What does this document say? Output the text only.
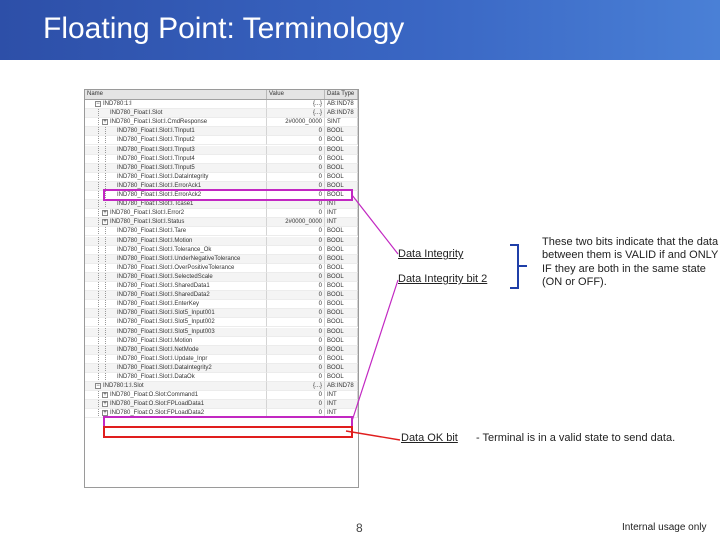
Floating Point: Terminology
Name	Value	Data Type
− IND780:1:I	{...} AB:IND78
IND780_Float:I.Slot	{...} AB:IND78
+ IND780_Float:I.Slot:I.CmdResponse	2#0000_0000 SINT
IND780_Float:I.Slot:I.TInput1	0 BOOL
IND780_Float:I.Slot:I.TInput2	0 BOOL
IND780_Float:I.Slot:I.TInput3	0 BOOL
IND780_Float:I.Slot:I.TInput4	0 BOOL
IND780_Float:I.Slot:I.TInput5	0 BOOL
IND780_Float:I.Slot:I.DataIntegrity	0 BOOL
IND780_Float:I.Slot:I.ErrorAck1	0 BOOL
IND780_Float:I.Slot:I.ErrorAck2	0 BOOL
IND780_Float:I.Slot:I.Tcase1	0 INT
+ IND780_Float:I.Slot:I.Error2	0 INT
+ IND780_Float:I.Slot:I.Status	2#0000_0000 INT
IND780_Float:I.Slot:I.Tare	0 BOOL
IND780_Float:I.Slot:I.Motion	0 BOOL
IND780_Float:I.Slot:I.Tolerance_Ok	0 BOOL
IND780_Float:I.Slot:I.UnderNegativeTolerance	0 BOOL
IND780_Float:I.Slot:I.OverPositiveTolerance	0 BOOL
IND780_Float:I.Slot:I.SelectedScale	0 BOOL
IND780_Float:I.Slot:I.SharedData1	0 BOOL
IND780_Float:I.Slot:I.SharedData2	0 BOOL
IND780_Float:I.Slot:I.EnterKey	0 BOOL
IND780_Float:I.Slot:I.Slot5_Input001	0 BOOL
IND780_Float:I.Slot:I.Slot5_Input002	0 BOOL
IND780_Float:I.Slot:I.Slot5_Input003	0 BOOL
IND780_Float:I.Slot:I.Motion	0 BOOL
IND780_Float:I.Slot:I.NetMode	0 BOOL
IND780_Float:I.Slot:I.Update_Inpr	0 BOOL
IND780_Float:I.Slot:I.DataIntegrity2	0 BOOL
IND780_Float:I.Slot:I.DataOk	0 BOOL
− IND780:1:I.Slot	{...} AB:IND78
+ IND780_Float:O.Slot:Command1	0 INT
+ IND780_Float:O.Slot:FPLoadData1	0 INT
+ IND780_Float:O.Slot:FPLoadData2	0 INT
Data Integrity
Data Integrity bit 2
These two bits indicate that the data between them is VALID if and ONLY IF they are both in the same state (ON or OFF).
Data OK bit - Terminal is in a valid state to send data.
8	Internal usage only
